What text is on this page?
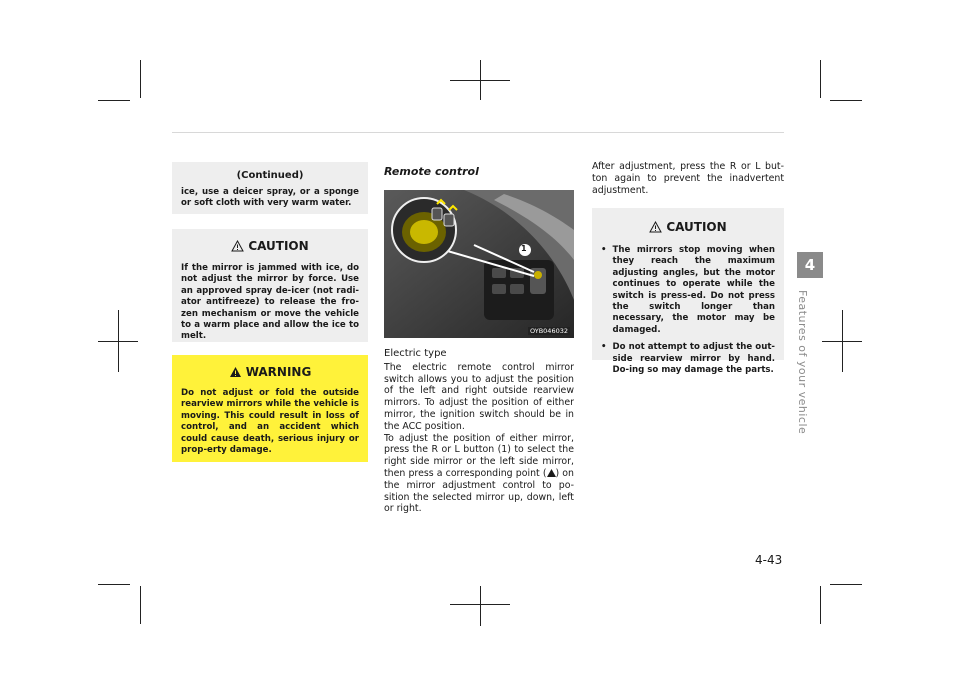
(Continued)
ice, use a deicer spray, or a sponge or soft cloth with very warm water.
CAUTION
If the mirror is jammed with ice, do not adjust the mirror by force. Use an approved spray de-icer (not radi-ator antifreeze) to release the fro-zen mechanism or move the vehicle to a warm place and allow the ice to melt.
WARNING
Do not adjust or fold the outside rearview mirrors while the vehicle is moving. This could result in loss of control, and an accident which could cause death, serious injury or prop-erty damage.
Remote control
1
OYB046032
Electric type
The electric remote control mirror switch allows you to adjust the position of the left and right outside rearview mirrors. To adjust the position of either mirror, the ignition switch should be in the ACC position.
To adjust the position of either mirror, press the R or L button (1) to select the right side mirror or the left side mirror, then press a corresponding point ( ) on the mirror adjustment control to po-sition the selected mirror up, down, left or right.
After adjustment, press the R or L but-ton again to prevent the inadvertent adjustment.
CAUTION
• The mirrors stop moving when they reach the maximum adjusting angles, but the motor continues to operate while the switch is press-ed. Do not press the switch longer than necessary, the motor may be damaged.
• Do not attempt to adjust the out-side rearview mirror by hand. Do-ing so may damage the parts.
4
Features of your vehicle
4-43
